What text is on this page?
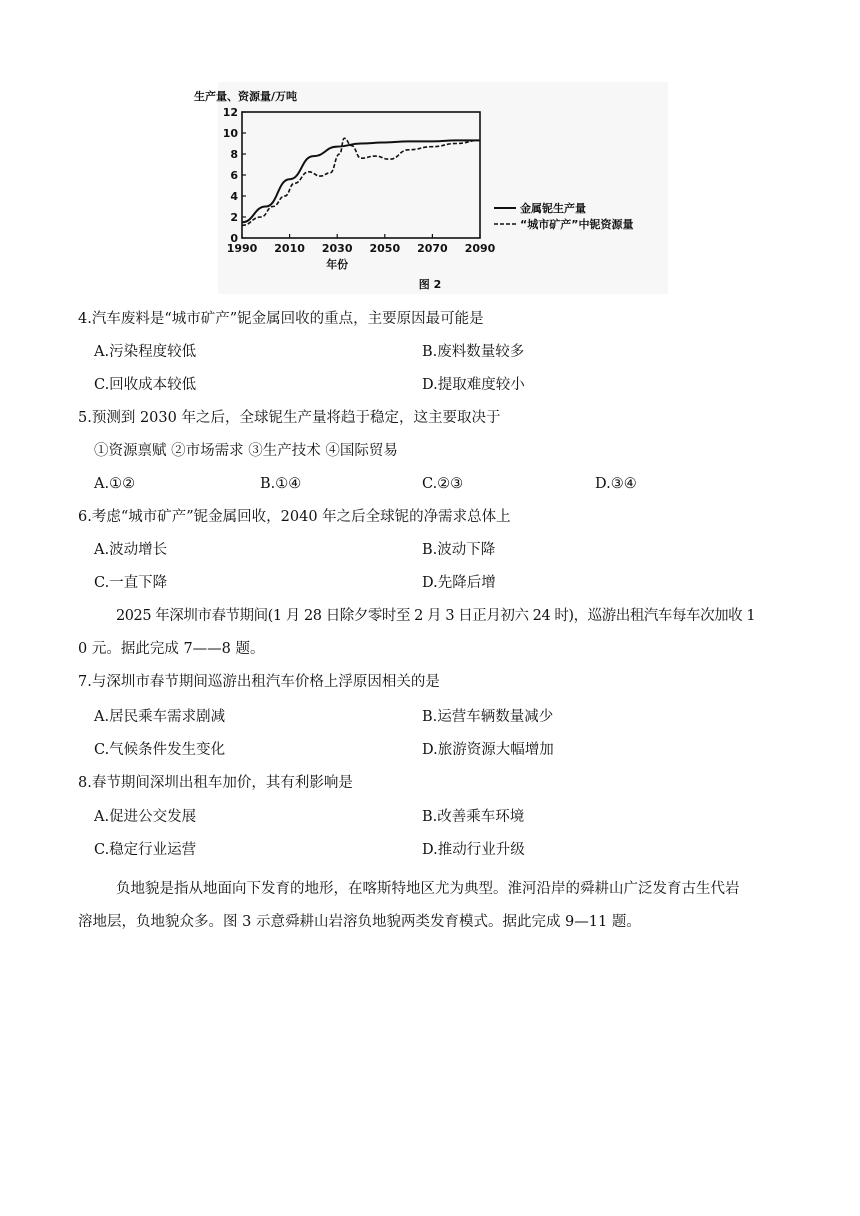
生产量、资源量/万吨
0
2
4
6
8
10
12
1990 2010 2030 2050 2070 2090
年份
金属铌生产量
“城市矿产”中铌资源量
图 2
4.汽车废料是“城市矿产”铌金属回收的重点，主要原因最可能是
A.污染程度较低	B.废料数量较多
C.回收成本较低	D.提取难度较小
5.预测到 2030 年之后，全球铌生产量将趋于稳定，这主要取决于
①资源禀赋 ②市场需求 ③生产技术 ④国际贸易
A.①②	B.①④	C.②③	D.③④
6.考虑“城市矿产”铌金属回收，2040 年之后全球铌的净需求总体上
A.波动增长	B.波动下降
C.一直下降	D.先降后增
2025 年深圳市春节期间(1 月 28 日除夕零时至 2 月 3 日正月初六 24 时)，巡游出租汽车每车次加收 1
0 元。据此完成 7——8 题。
7.与深圳市春节期间巡游出租汽车价格上浮原因相关的是
A.居民乘车需求剧减	B.运营车辆数量减少
C.气候条件发生变化	D.旅游资源大幅增加
8.春节期间深圳出租车加价，其有利影响是
A.促进公交发展	B.改善乘车环境
C.稳定行业运营	D.推动行业升级
负地貌是指从地面向下发育的地形，在喀斯特地区尤为典型。淮河沿岸的舜耕山广泛发育古生代岩
溶地层，负地貌众多。图 3 示意舜耕山岩溶负地貌两类发育模式。据此完成 9—11 题。
